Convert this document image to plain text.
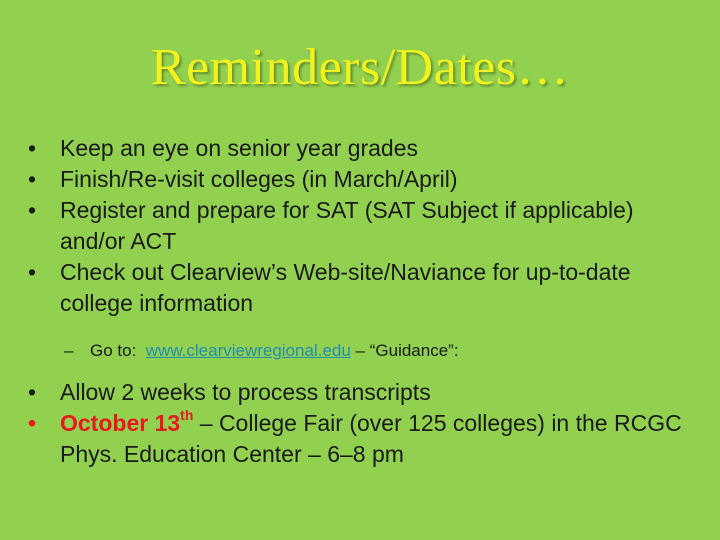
Reminders/Dates…
•	Keep an eye on senior year grades
•	Finish/Re-visit colleges (in March/April)
•	Register and prepare for SAT (SAT Subject if applicable) and/or ACT
•	Check out Clearview’s Web-site/Naviance for up-to-date college information
– Go to: www.clearviewregional.edu – “Guidance”:
•	Allow 2 weeks to process transcripts
•	October 13th – College Fair (over 125 colleges) in the RCGC Phys. Education Center – 6–8 pm
